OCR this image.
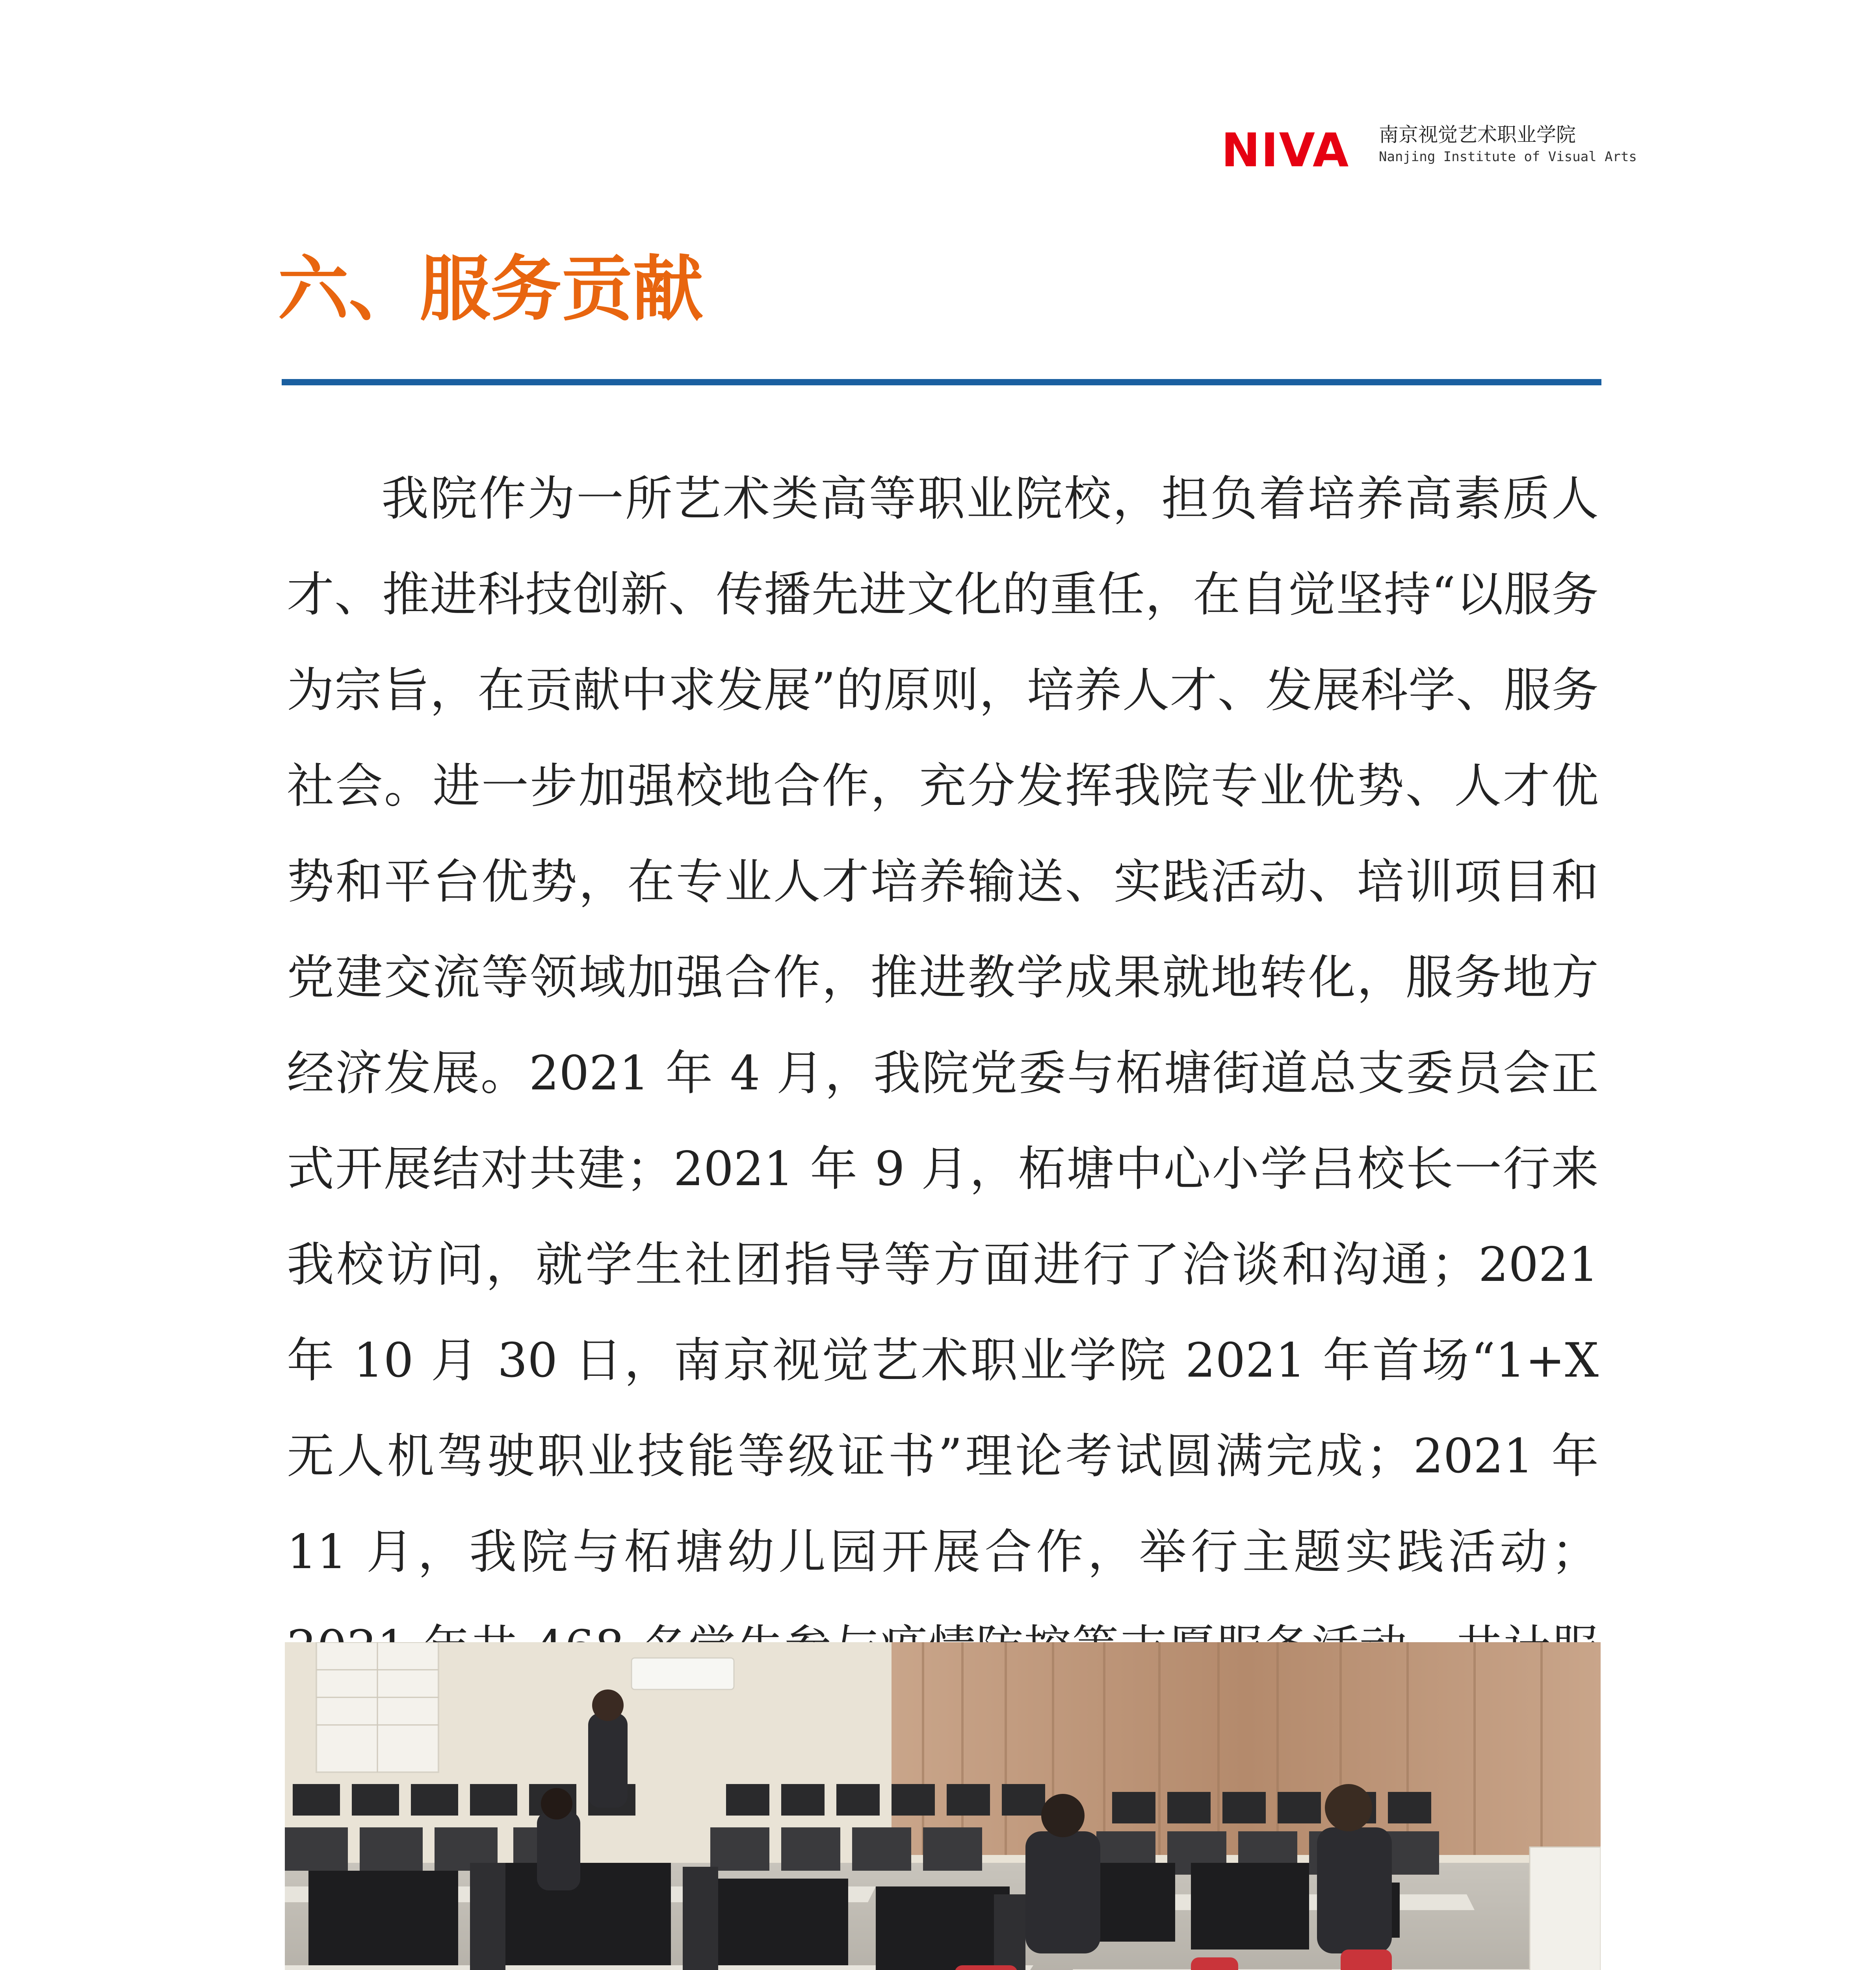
NIVA 南京视觉艺术职业学院
Nanjing Institute of Visual Arts
六、服务贡献

我院作为一所艺术类高等职业院校，担负着培养高素质人才、推进科技创新、传播先进文化的重任，在自觉坚持“以服务为宗旨，在贡献中求发展”的原则，培养人才、发展科学、服务社会。进一步加强校地合作，充分发挥我院专业优势、人才优势和平台优势，在专业人才培养输送、实践活动、培训项目和党建交流等领域加强合作，推进教学成果就地转化，服务地方经济发展。2021 年 4 月，我院党委与柘塘街道总支委员会正式开展结对共建；2021 年 9 月，柘塘中心小学吕校长一行来我校访问，就学生社团指导等方面进行了洽谈和沟通；2021 年 10 月 30 日，南京视觉艺术职业学院 2021 年首场“1+X 无人机驾驶职业技能等级证书”理论考试圆满完成；2021 年 11 月，我院与柘塘幼儿园开展合作，举行主题实践活动；
